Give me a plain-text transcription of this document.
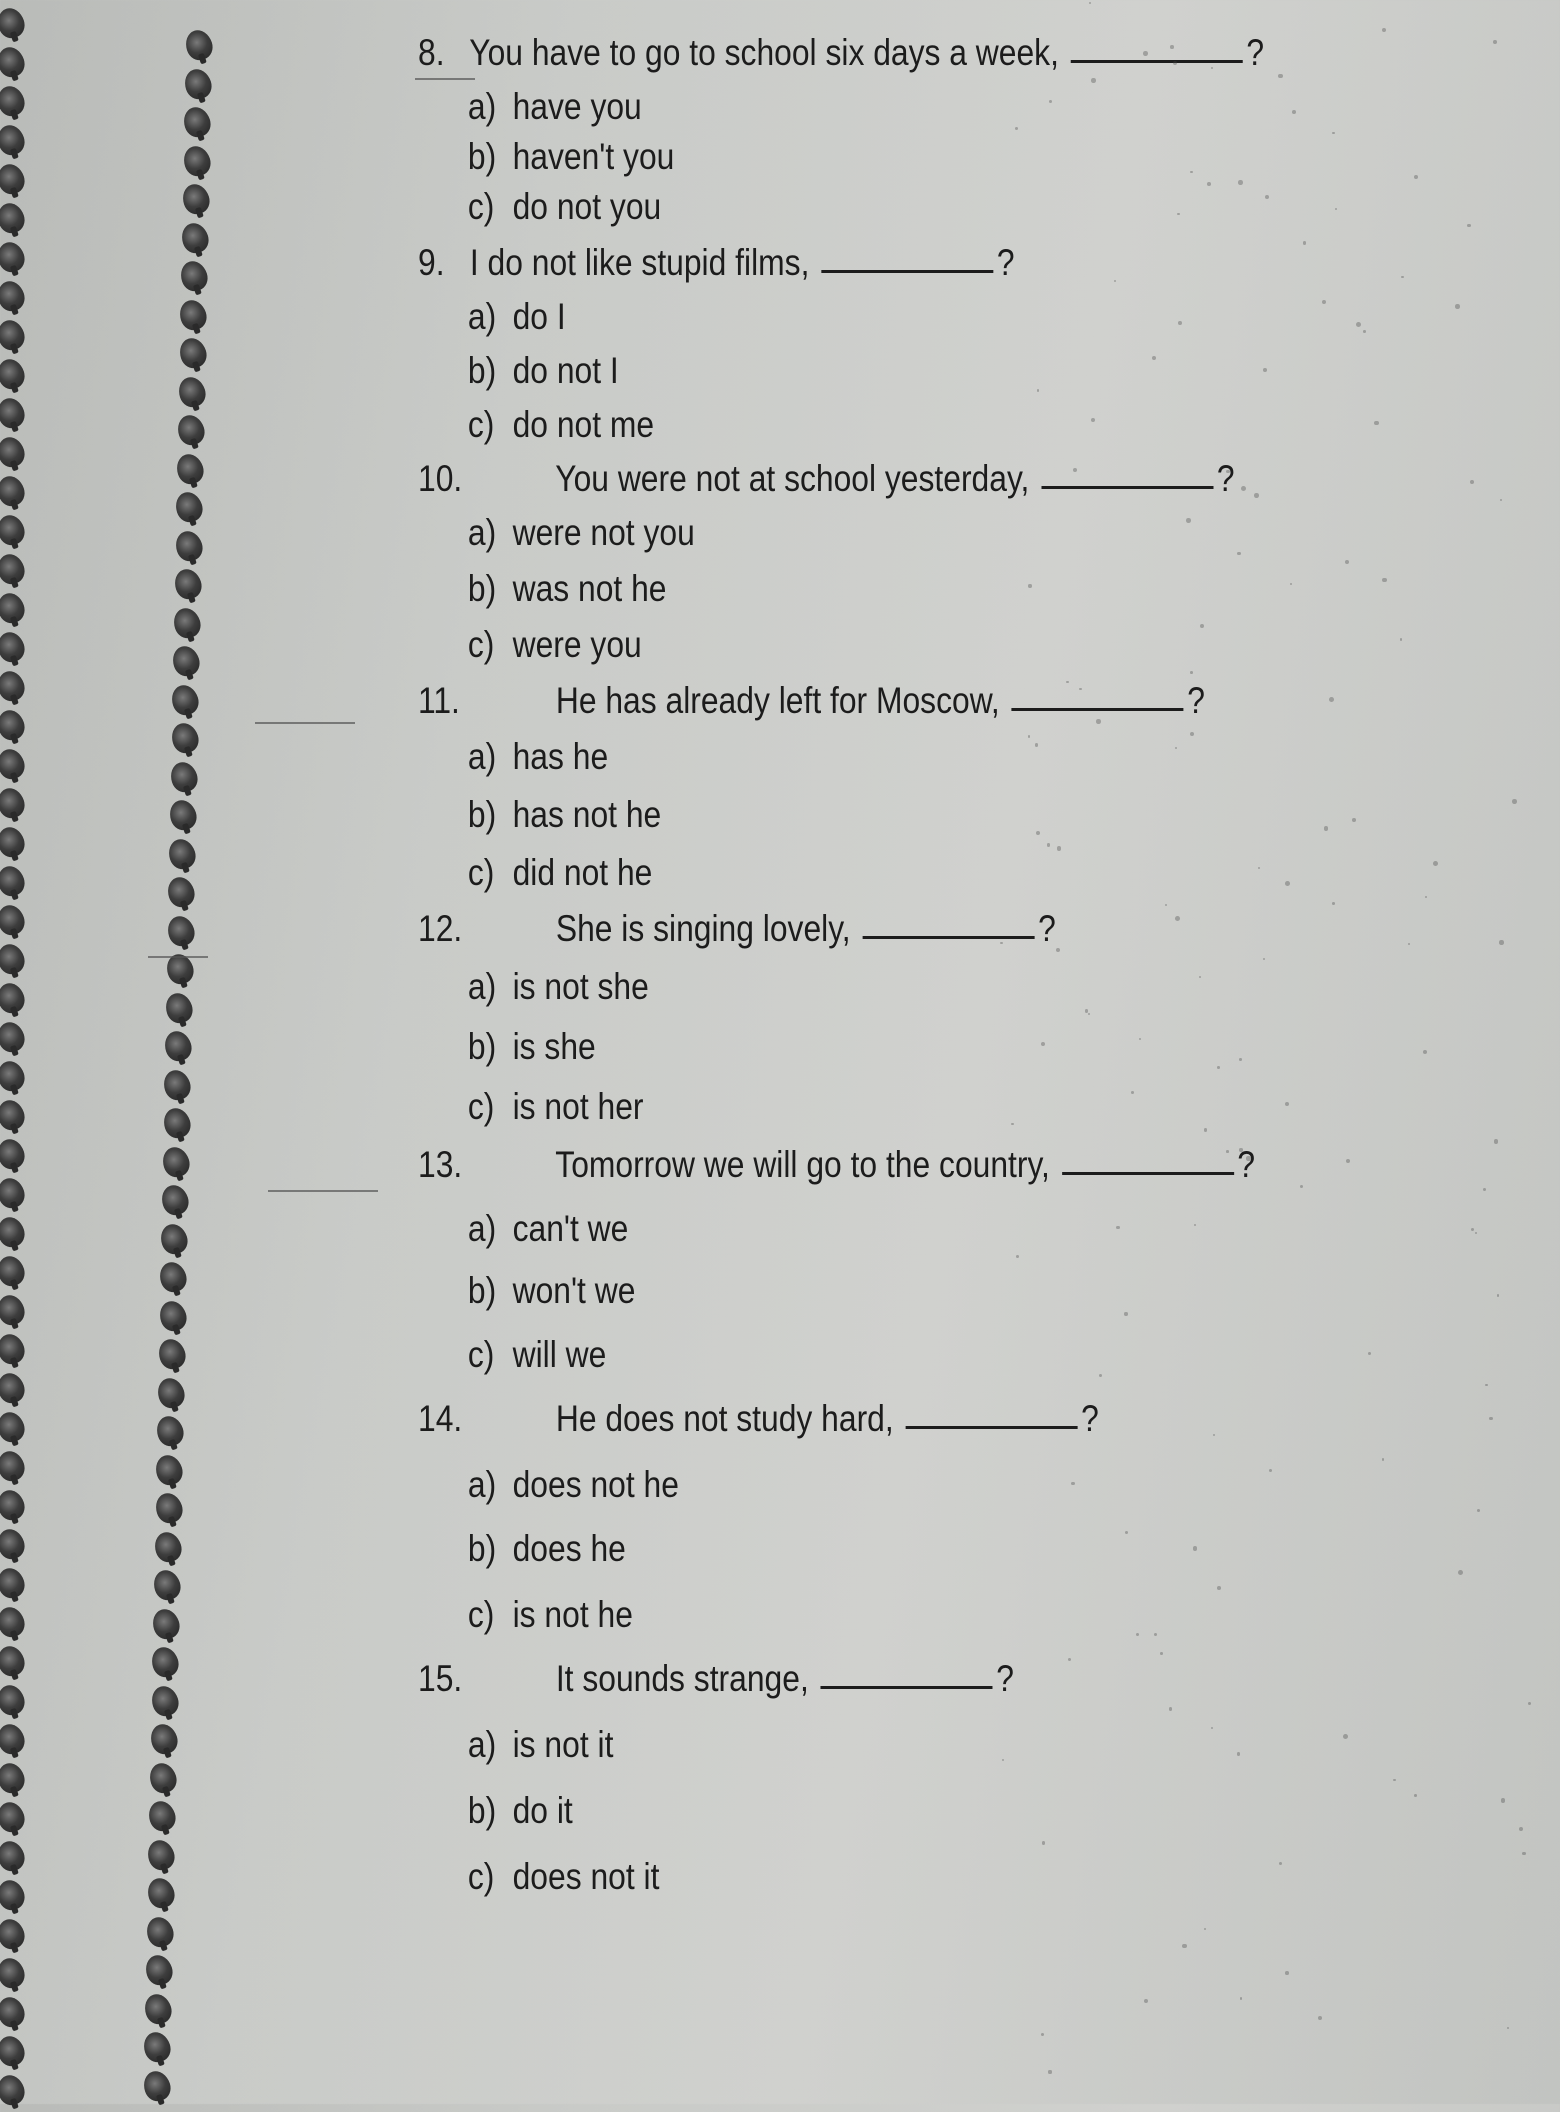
8. You have to go to school six days a week,	?
a) have you
b) haven't you
c) do not you
9. I do not like stupid films,	?
a) do I
b) do not I
c) do not me
10.	You were not at school yesterday,	?
a) were not you
b) was not he
c) were you
11.	He has already left for Moscow,	?
a) has he
b) has not he
c) did not he
12.	She is singing lovely,	?
a) is not she
b) is she
c) is not her
13.	Tomorrow we will go to the country,	?
a) can't we
b) won't we
c) will we
14.	He does not study hard,	?
a) does not he
b) does he
c) is not he
15.	It sounds strange,	?
a) is not it
b) do it
c) does not it
